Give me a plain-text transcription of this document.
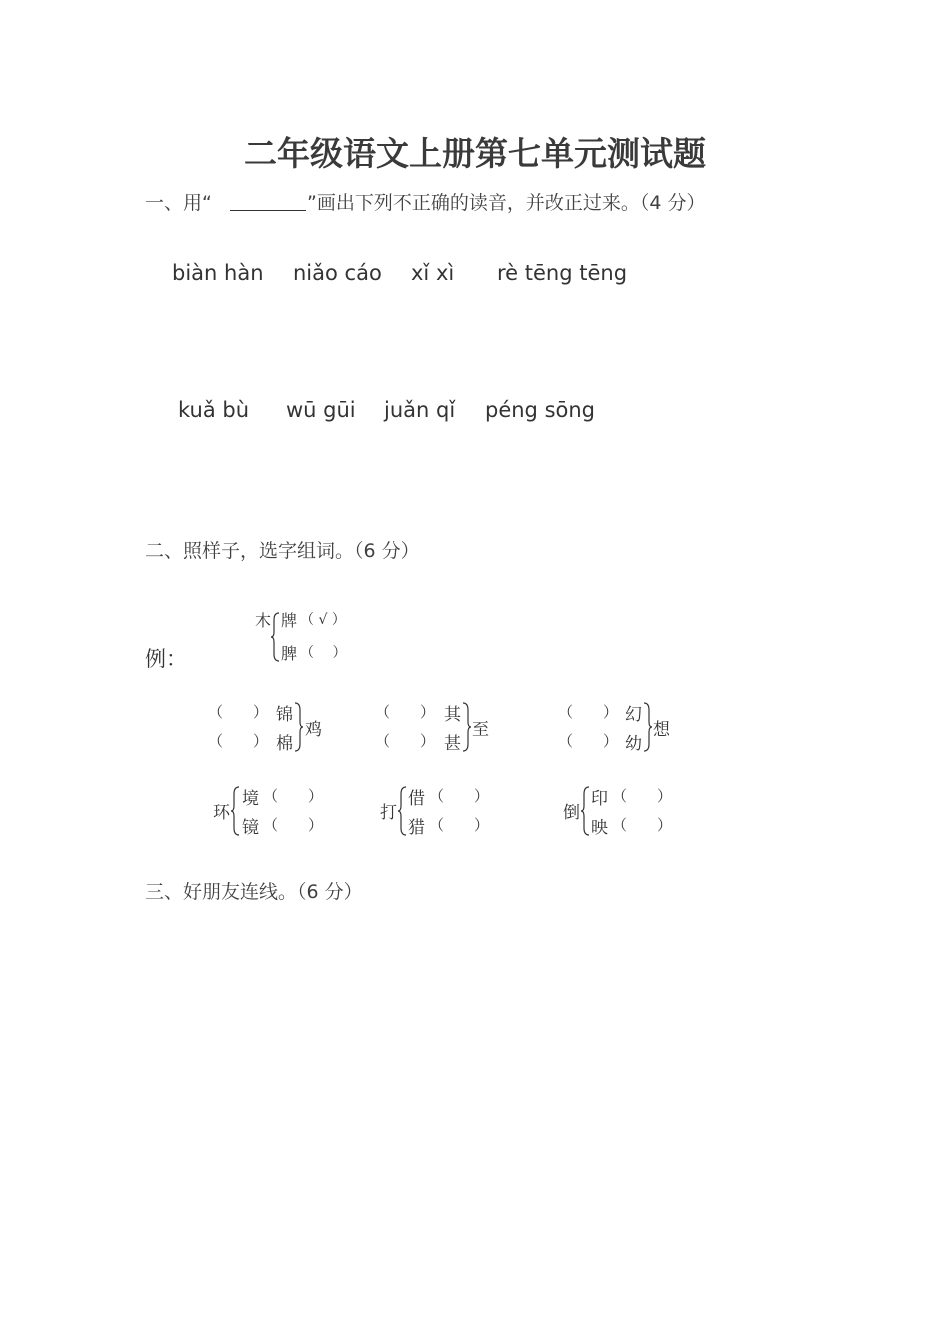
二年级语文上册第七单元测试题
一、用“	”画出下列不正确的读音，并改正过来。（4 分）
biàn hàn niǎo cáo xǐ xì rè tēng tēng
kuǎ bù wū gūi juǎn qǐ péng sōng
二、照样子，选字组词。（6 分）
例：
木 牌 （ √ ）
脾 （　 ）
（　　） 锦
（　　） 棉
鸡
（　　） 其
（　　） 甚
至
（　　） 幻
（　　） 幼
想
环
境 （　　）
镜 （　　）
打
借 （　　）
猎 （　　）
倒
印 （　　）
映 （　　）
三、好朋友连线。（6 分）
